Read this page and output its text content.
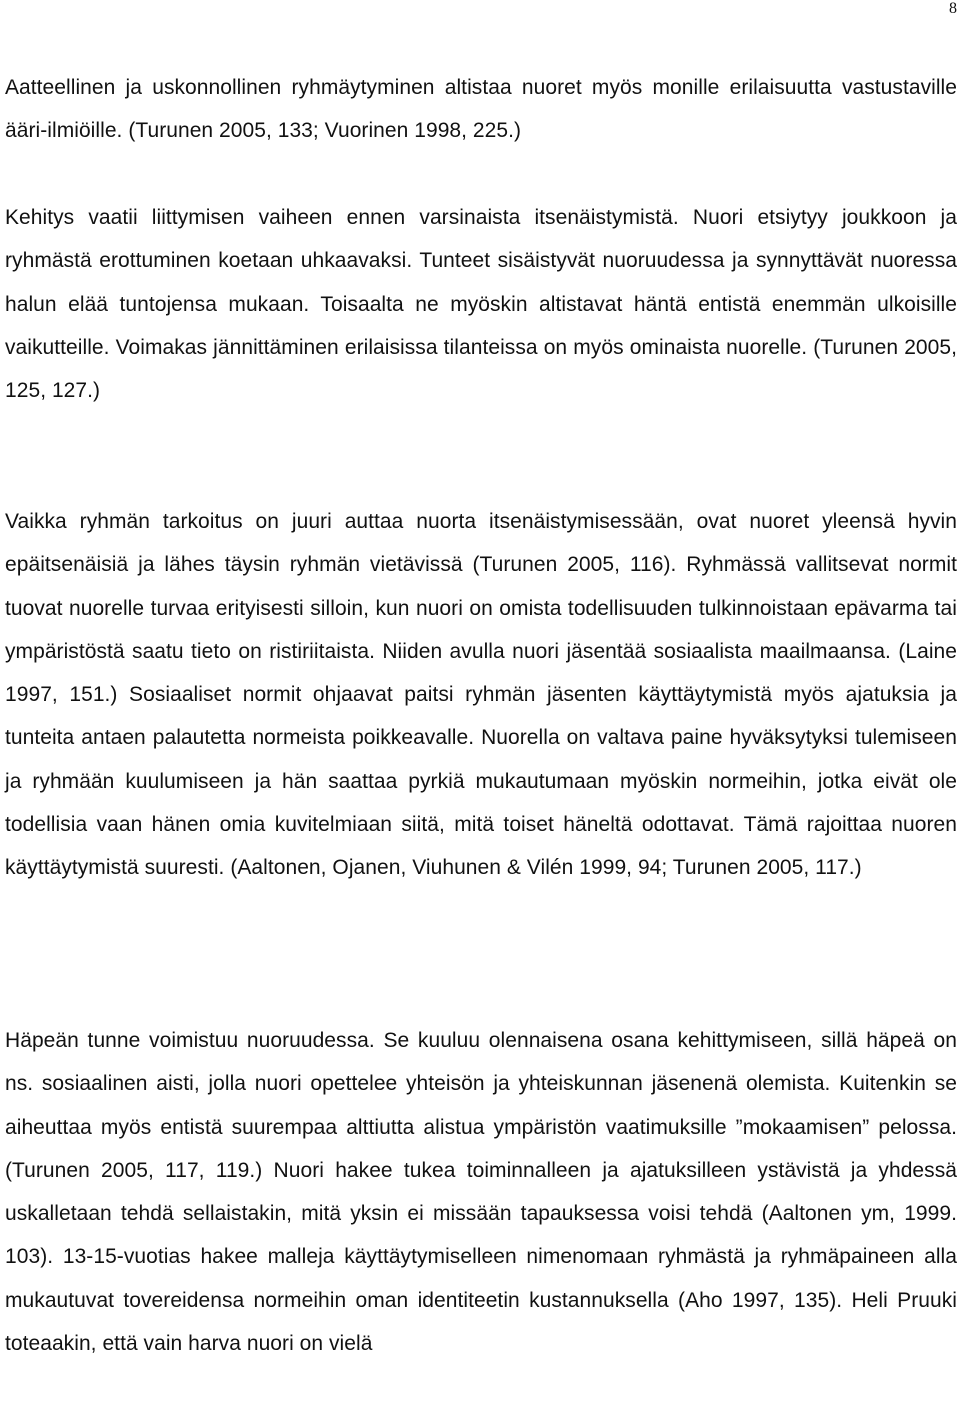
8

Aatteellinen ja uskonnollinen ryhmäytyminen altistaa nuoret myös monille erilaisuutta vastustaville ääri-ilmiöille. (Turunen 2005, 133; Vuorinen 1998, 225.)

Kehitys vaatii liittymisen vaiheen ennen varsinaista itsenäistymistä. Nuori etsiytyy joukkoon ja ryhmästä erottuminen koetaan uhkaavaksi. Tunteet sisäistyvät nuoruudessa ja synnyttävät nuoressa halun elää tuntojensa mukaan. Toisaalta ne myöskin altistavat häntä entistä enemmän ulkoisille vaikutteille. Voimakas jännittäminen erilaisissa tilanteissa on myös ominaista nuorelle. (Turunen 2005, 125, 127.)

Vaikka ryhmän tarkoitus on juuri auttaa nuorta itsenäistymisessään, ovat nuoret yleensä hyvin epäitsenäisiä ja lähes täysin ryhmän vietävissä (Turunen 2005, 116). Ryhmässä vallitsevat normit tuovat nuorelle turvaa erityisesti silloin, kun nuori on omista todellisuuden tulkinnoistaan epävarma tai ympäristöstä saatu tieto on ristiriitaista. Niiden avulla nuori jäsentää sosiaalista maailmaansa. (Laine 1997, 151.) Sosiaaliset normit ohjaavat paitsi ryhmän jäsenten käyttäytymistä myös ajatuksia ja tunteita antaen palautetta normeista poikkeavalle. Nuorella on valtava paine hyväksytyksi tulemiseen ja ryhmään kuulumiseen ja hän saattaa pyrkiä mukautumaan myöskin normeihin, jotka eivät ole todellisia vaan hänen omia kuvitelmiaan siitä, mitä toiset häneltä odottavat. Tämä rajoittaa nuoren käyttäytymistä suuresti. (Aaltonen, Ojanen, Viuhunen & Vilén 1999, 94; Turunen 2005, 117.)

Häpeän tunne voimistuu nuoruudessa. Se kuuluu olennaisena osana kehittymiseen, sillä häpeä on ns. sosiaalinen aisti, jolla nuori opettelee yhteisön ja yhteiskunnan jäsenenä olemista. Kuitenkin se aiheuttaa myös entistä suurempaa alttiutta alistua ympäristön vaatimuksille ”mokaamisen” pelossa. (Turunen 2005, 117, 119.) Nuori hakee tukea toiminnalleen ja ajatuksilleen ystävistä ja yhdessä uskalletaan tehdä sellaistakin, mitä yksin ei missään tapauksessa voisi tehdä (Aaltonen ym, 1999. 103). 13-15-vuotias hakee malleja käyttäytymiselleen nimenomaan ryhmästä ja ryhmäpaineen alla mukautuvat tovereidensa normeihin oman identiteetin kustannuksella (Aho 1997, 135). Heli Pruuki toteaakin, että vain harva nuori on vielä
